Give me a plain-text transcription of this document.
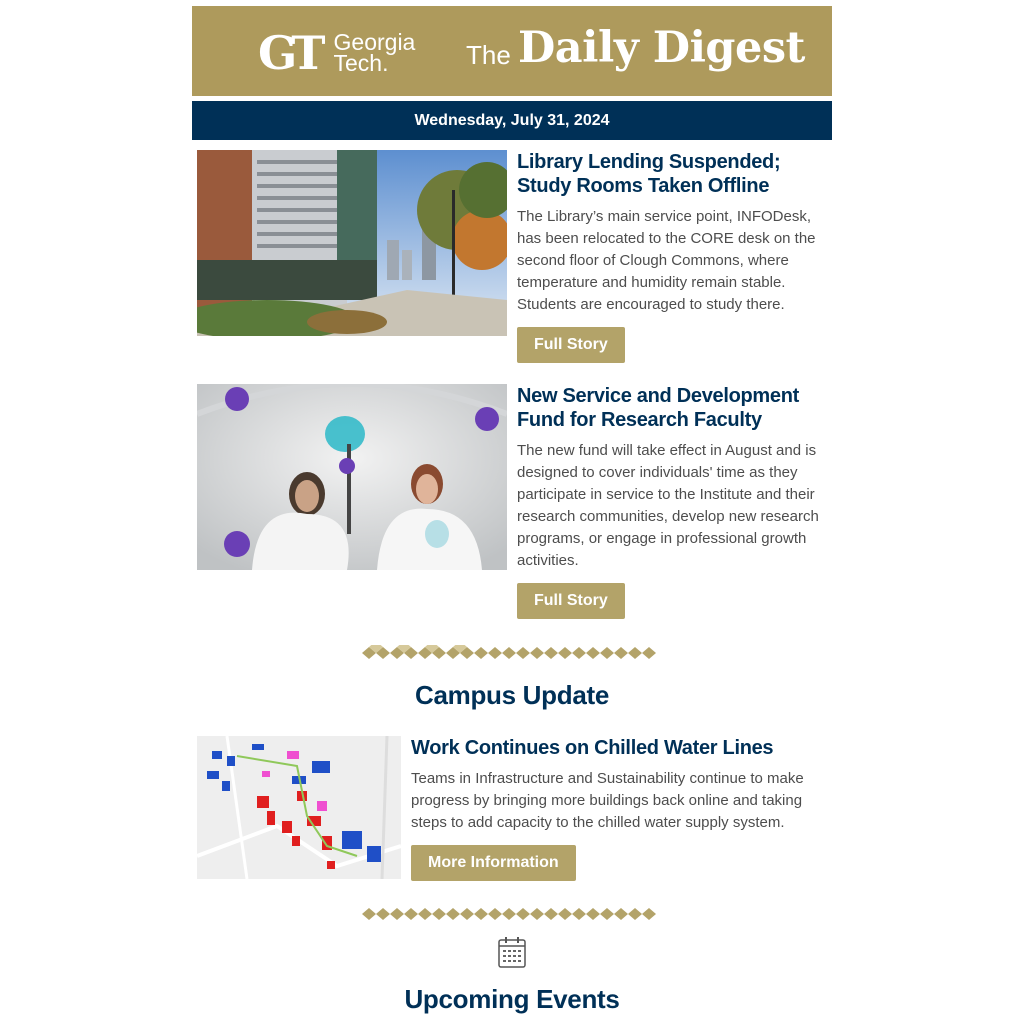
GT Georgia
Tech.	The Daily Digest
Wednesday, July 31, 2024
Library Lending Suspended; Study Rooms Taken Offline
The Library’s main service point, INFODesk, has been relocated to the CORE desk on the second floor of Clough Commons, where temperature and humidity remain stable. Students are encouraged to study there.
Full Story
New Service and Development Fund for Research Faculty
The new fund will take effect in August and is designed to cover individuals' time as they participate in service to the Institute and their research communities, develop new research programs, or engage in professional growth activities.
Full Story
Campus Update
Work Continues on Chilled Water Lines
Teams in Infrastructure and Sustainability continue to make progress by bringing more buildings back online and taking steps to add capacity to the chilled water supply system.
More Information
Upcoming Events
